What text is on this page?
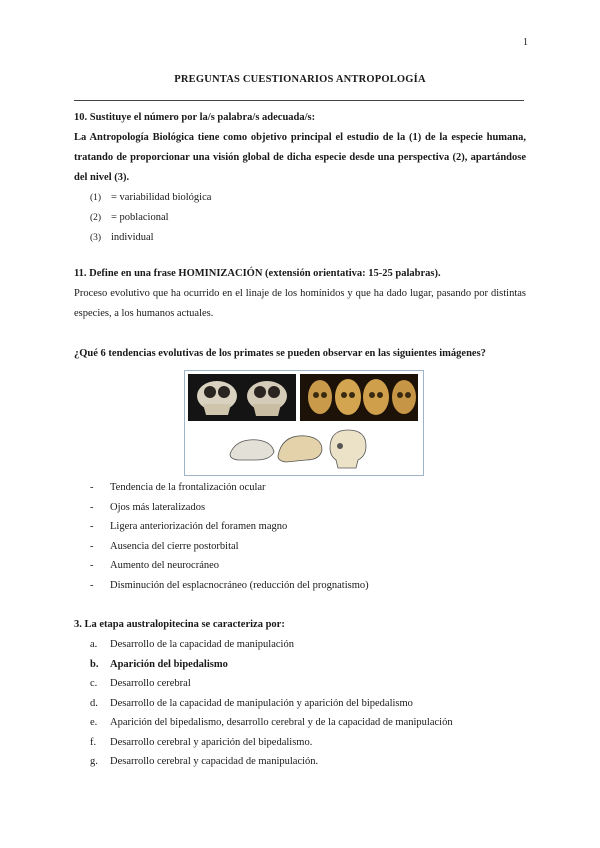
1
PREGUNTAS CUESTIONARIOS ANTROPOLOGÍA

10. Sustituye el número por la/s palabra/s adecuada/s:

La Antropología Biológica tiene como objetivo principal el estudio de la (1) de la especie humana, tratando de proporcionar una visión global de dicha especie desde una perspectiva (2), apartándose del nivel (3).

(1) = variabilidad biológica
(2) = poblacional
(3) individual

11. Define en una frase HOMINIZACIÓN (extensión orientativa: 15-25 palabras).

Proceso evolutivo que ha ocurrido en el linaje de los homínidos y que ha dado lugar, pasando por distintas especies, a los humanos actuales.

¿Qué 6 tendencias evolutivas de los primates se pueden observar en las siguientes imágenes?

- Tendencia de la frontalización ocular
- Ojos más lateralizados
- Ligera anteriorización del foramen magno
- Ausencia del cierre postorbital
- Aumento del neurocráneo
- Disminución del esplacnocráneo (reducción del prognatismo)

3. La etapa australopitecina se caracteriza por:

a. Desarrollo de la capacidad de manipulación
b. Aparición del bipedalismo
c. Desarrollo cerebral
d. Desarrollo de la capacidad de manipulación y aparición del bipedalismo
e. Aparición del bipedalismo, desarrollo cerebral y de la capacidad de manipulación
f. Desarrollo cerebral y aparición del bipedalismo.
g. Desarrollo cerebral y capacidad de manipulación.
